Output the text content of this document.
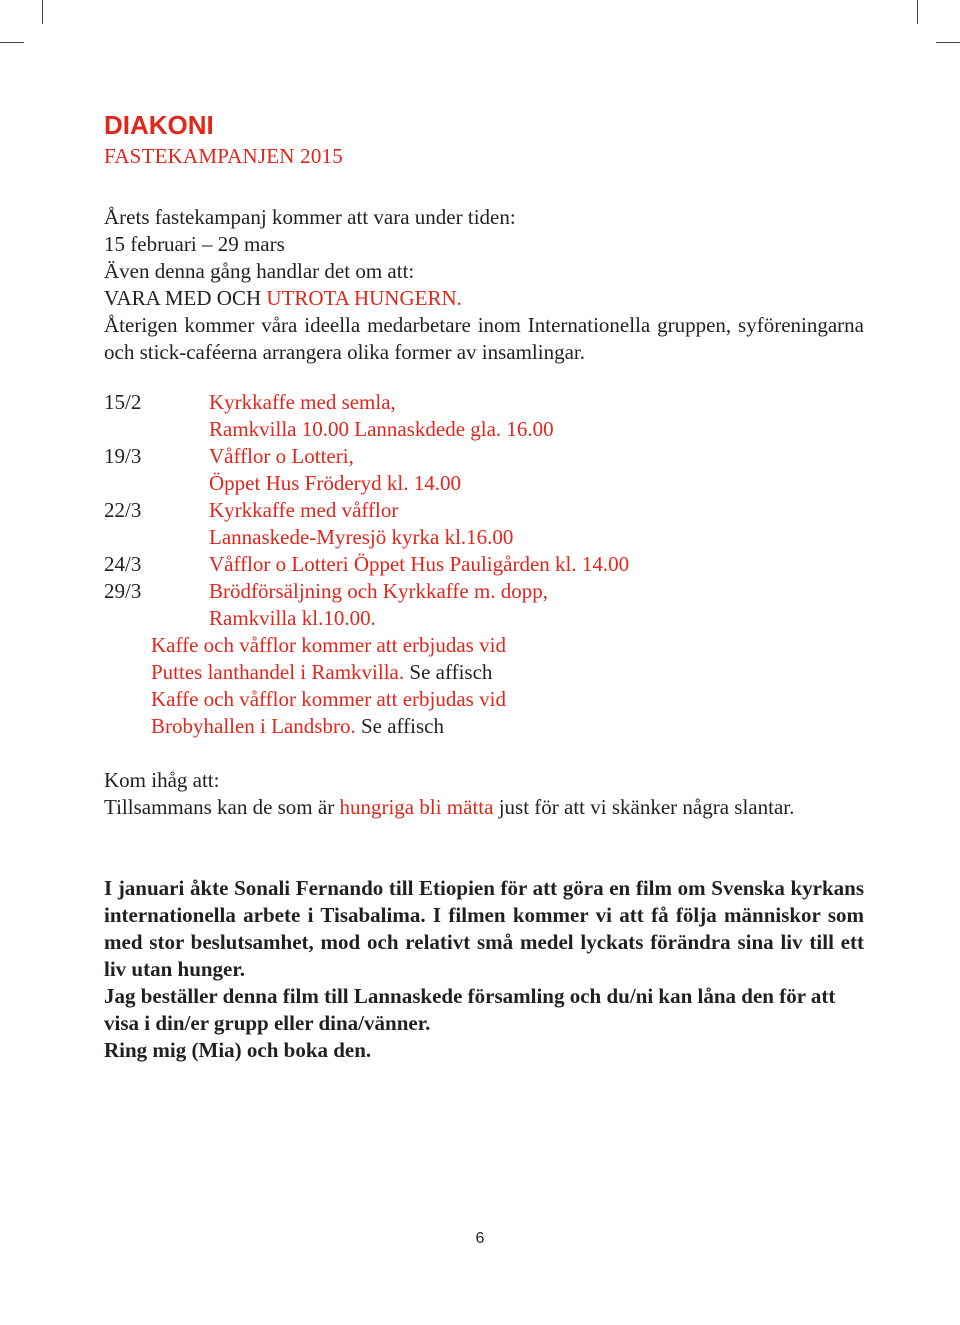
DIAKONI
FASTEKAMPANJEN 2015
Årets fastekampanj kommer att vara under tiden:
15 februari – 29 mars
Även denna gång handlar det om att:
VARA MED OCH UTROTA HUNGERN.
Återigen kommer våra ideella medarbetare inom Internationella gruppen, syföreningarna och stick-caféerna arrangera olika former av insamlingar.
15/2	Kyrkkaffe med semla,
Ramkvilla 10.00 Lannaskdede gla. 16.00
19/3	Våfflor o Lotteri,
Öppet Hus Fröderyd kl. 14.00
22/3	Kyrkkaffe med våfflor
Lannaskede-Myresjö kyrka kl.16.00
24/3	Våfflor o Lotteri Öppet Hus Pauligården kl. 14.00
29/3	Brödförsäljning och Kyrkkaffe m. dopp,
Ramkvilla kl.10.00.
Kaffe och våfflor kommer att erbjudas vid
Puttes lanthandel i Ramkvilla. Se affisch
Kaffe och våfflor kommer att erbjudas vid
Brobyhallen i Landsbro. Se affisch
Kom ihåg att:
Tillsammans kan de som är hungriga bli mätta just för att vi skänker några slantar.
I januari åkte Sonali Fernando till Etiopien för att göra en film om Svenska kyrkans internationella arbete i Tisabalima. I filmen kommer vi att få följa människor som med stor beslutsamhet, mod och relativt små medel lyckats förändra sina liv till ett liv utan hunger.
Jag beställer denna film till Lannaskede församling och du/ni kan låna den för att visa i din/er grupp eller dina/vänner.
Ring mig (Mia) och boka den.
6
